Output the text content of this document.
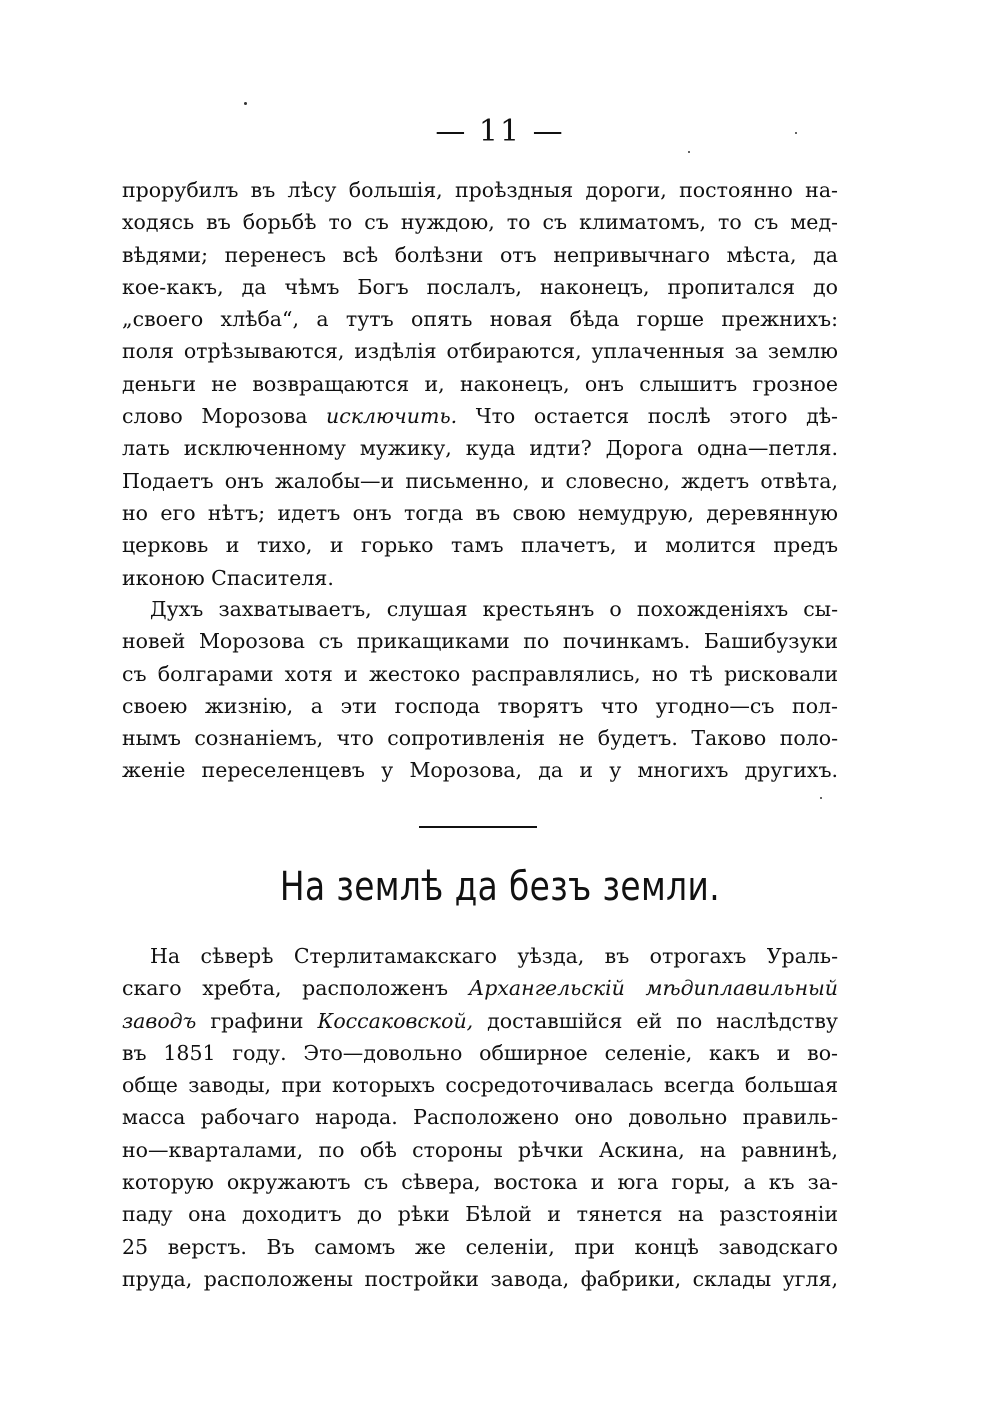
— 11 —
прорубилъ въ лѣсу большія, проѣздныя дороги, постоянно на-
ходясь въ борьбѣ то съ нуждою, то съ климатомъ, то съ мед-
вѣдями; перенесъ всѣ болѣзни отъ непривычнаго мѣста, да
кое-какъ, да чѣмъ Богъ послалъ, наконецъ, пропитался до
„своего хлѣба“, а тутъ опять новая бѣда горше прежнихъ:
поля отрѣзываются, издѣлія отбираются, уплаченныя за землю
деньги не возвращаются и, наконецъ, онъ слышитъ грозное
слово Морозова исключить. Что остается послѣ этого дѣ-
лать исключенному мужику, куда идти? Дорога одна—петля.
Подаетъ онъ жалобы—и письменно, и словесно, ждетъ отвѣта,
но его нѣтъ; идетъ онъ тогда въ свою немудрую, деревянную
церковь и тихо, и горько тамъ плачетъ, и молится предъ
иконою Спасителя.
Духъ захватываетъ, слушая крестьянъ о похожденіяхъ сы-
новей Морозова съ прикащиками по починкамъ. Башибузуки
съ болгарами хотя и жестоко расправлялись, но тѣ рисковали
своею жизнію, а эти господа творятъ что угодно—съ пол-
нымъ сознаніемъ, что сопротивленія не будетъ. Таково поло-
женіе переселенцевъ у Морозова, да и у многихъ другихъ.
На землѣ да безъ земли.
На сѣверѣ Стерлитамакскаго уѣзда, въ отрогахъ Ураль-
скаго хребта, расположенъ Архангельскій мѣдиплавильный
заводъ графини Коссаковской, доставшійся ей по наслѣдству
въ 1851 году. Это—довольно обширное селеніе, какъ и во-
обще заводы, при которыхъ сосредоточивалась всегда большая
масса рабочаго народа. Расположено оно довольно правиль-
но—кварталами, по обѣ стороны рѣчки Аскина, на равнинѣ,
которую окружаютъ съ сѣвера, востока и юга горы, а къ за-
паду она доходитъ до рѣки Бѣлой и тянется на разстояніи
25 верстъ. Въ самомъ же селеніи, при концѣ заводскаго
пруда, расположены постройки завода, фабрики, склады угля,
